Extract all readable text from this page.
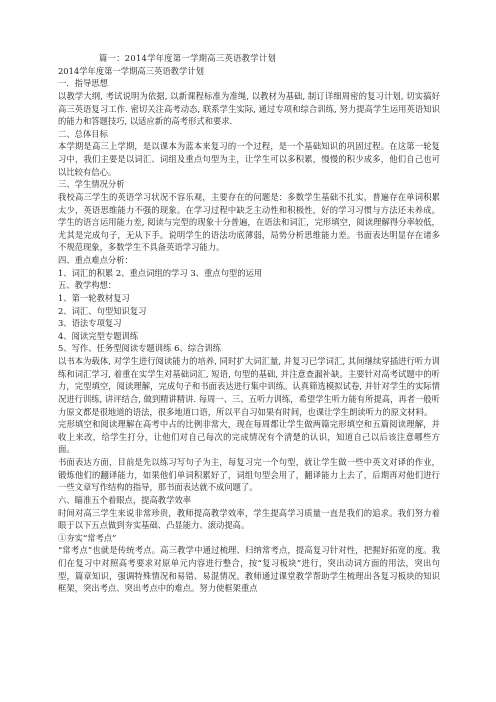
篇一：2014学年度第一学期高三英语教学计划

2014学年度第一学期高三英语教学计划

一．指导思想

以教学大纲, 考试说明为依据, 以新课程标准为准绳, 以教材为基础, 制订详细周密的复习计划, 切实搞好高三英语复习工作. 密切关注高考动态, 联系学生实际, 通过专项和综合训练, 努力提高学生运用英语知识的能力和答题技巧, 以适应新的高考形式和要求.

二、总体目标

本学期是高三上学期，是以课本为蓝本来复习的一个过程，是一个基础知识的巩固过程。在这第一轮复习中，我们主要是以词汇、词组及重点句型为主，让学生可以多积累，慢慢的积少成多，他们自己也可以比较有信心。

三、学生情况分析

我校高三学生的英语学习状况不容乐观，主要存在的问题是：多数学生基础不扎实，普遍存在单词积累太少，英语思维能力不强的现象。在学习过程中缺乏主动性和积极性，好的学习习惯与方法还未养成。学生的语言运用能力差, 阅读与完型的现象十分普遍，在语法和词汇，完形填空，阅读理解得分率较低，尤其是完成句子，无从下手。说明学生的语法功底薄弱，局势分析思维能力差。书面表达明显存在诸多不规范现象，多数学生不具备英语学习能力。

四、重点难点分析：

1、词汇的积累 2、重点词组的学习 3、重点句型的运用

五、教学构想：

1、第一轮教材复习

2、词汇、句型知识复习

3、语法专项复习

4、阅读完型专题训练

5、写作、任务型阅读专题训练 6、综合训练

以书本为载体, 对学生进行阅读能力的培养, 同时扩大词汇量, 并复习已学词汇, 其间继续穿插进行听力训练和词汇学习, 着重在实学生对基础词汇, 短语, 句型的基础, 并注意查漏补缺。主要针对高考试题中的听力，完型填空，阅读理解，完成句子和书面表达进行集中训练。认真筛选模拟试卷, 并针对学生的实际情况进行训练, 讲评结合, 做到精讲精讲. 每周一、三、五听力训练，希望学生听力能有所提高，再者一般听力原文都是很地道的语法，很多地道口语，所以平自习如果有时间，也课让学生朗读听力的原文材料。

完形填空和阅读理解在高考中占的比例非常大，现在每周都让学生做两篇完形填空和五篇阅读理解，并收上来改，给学生打分，让他们对自己每次的完成情况有个清楚的认识，知道自己以后该注意哪些方面。

书面表达方面，目前是先以练习写句子为主，每复习完一个句型，就让学生做一些中英文对译的作业，锻炼他们的翻译能力，如果他们单词积累好了，词组句型会用了，翻译能力上去了，后期再对他们进行一些文章写作结构的指导，那书面表达就不成问题了。

六、瞄准五个着眼点，提高教学效率

时间对高三学生来说非常珍贵，教师提高教学效率，学生提高学习质量一直是我们的追求。我们努力着眼于以下五点做到夯实基础、凸显能力、滚动提高。

①夯实“常考点”

“常考点”也就是传统考点。高三教学中通过梳理、归纳常考点，提高复习针对性，把握好拓宽的度。我们在复习中对照高考要求对原单元内容进行整合，按“复习板块”进行，突出动词方面的用法，突出句型，篇章知识，强调特殊情况和易错、易混情况。教师通过课堂教学帮助学生梳理出各复习板块的知识框架，突出考点、突出考点中的难点。努力使框架重点
